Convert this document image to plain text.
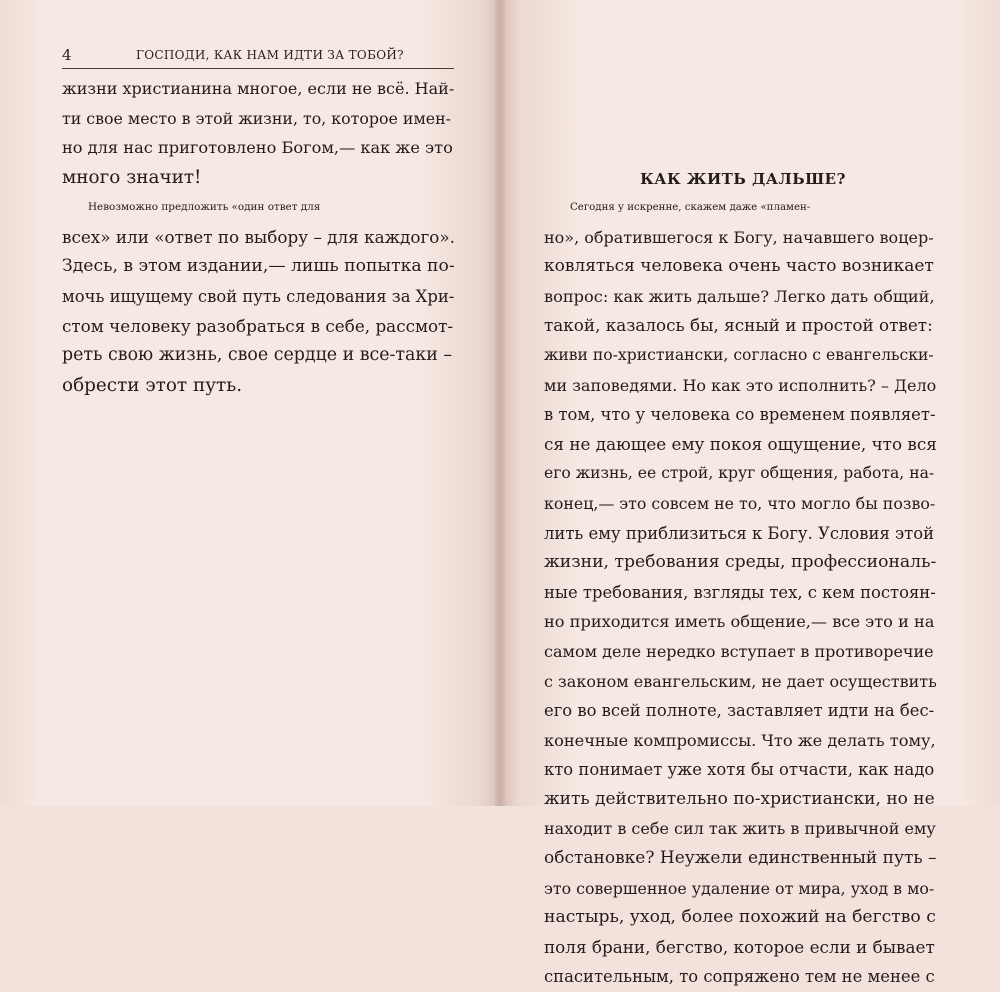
4	ГОСПОДИ, КАК НАМ ИДТИ ЗА ТОБОЙ?
жизни христианина многое, если не всё. Най-
ти свое место в этой жизни, то, которое имен-
но для нас приготовлено Богом,— как же это
много значит!
Невозможно предложить «один ответ для
всех» или «ответ по выбору – для каждого».
Здесь, в этом издании,— лишь попытка по-
мочь ищущему свой путь следования за Хри-
стом человеку разобраться в себе, рассмот-
реть свою жизнь, свое сердце и все-таки –
обрести этот путь.
КАК ЖИТЬ ДАЛЬШЕ?
Сегодня у искренне, скажем даже «пламен-
но», обратившегося к Богу, начавшего воцер-
ковляться человека очень часто возникает
вопрос: как жить дальше? Легко дать общий,
такой, казалось бы, ясный и простой ответ:
живи по-христиански, согласно с евангельски-
ми заповедями. Но как это исполнить? – Дело
в том, что у человека со временем появляет-
ся не дающее ему покоя ощущение, что вся
его жизнь, ее строй, круг общения, работа, на-
конец,— это совсем не то, что могло бы позво-
лить ему приблизиться к Богу. Условия этой
жизни, требования среды, профессиональ-
ные требования, взгляды тех, с кем постоян-
но приходится иметь общение,— все это и на
самом деле нередко вступает в противоречие
с законом евангельским, не дает осуществить
его во всей полноте, заставляет идти на бес-
конечные компромиссы. Что же делать тому,
кто понимает уже хотя бы отчасти, как надо
жить действительно по-христиански, но не
находит в себе сил так жить в привычной ему
обстановке? Неужели единственный путь –
это совершенное удаление от мира, уход в мо-
настырь, уход, более похожий на бегство с
поля брани, бегство, которое если и бывает
спасительным, то сопряжено тем не менее с
